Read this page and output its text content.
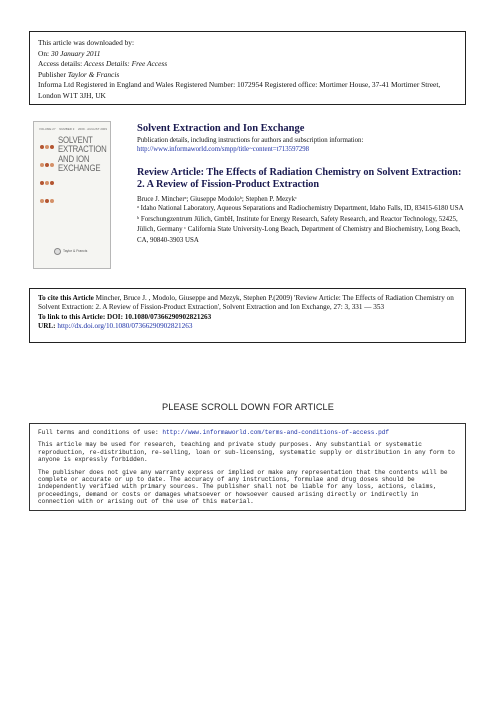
This article was downloaded by:
On: 30 January 2011
Access details: Access Details: Free Access
Publisher Taylor & Francis
Informa Ltd Registered in England and Wales Registered Number: 1072954 Registered office: Mortimer House, 37-41 Mortimer Street, London W1T 3JH, UK
VOLUME 27 NUMBER 3 2009 · AUGUST 2009

SOLVENT
EXTRACTION
AND ION
EXCHANGE
Taylor & Francis
Solvent Extraction and Ion Exchange
Publication details, including instructions for authors and subscription information:
http://www.informaworld.com/smpp/title~content=t713597298
Review Article: The Effects of Radiation Chemistry on Solvent Extraction: 2. A Review of Fission-Product Extraction
Bruce J. Mincherᵃ; Giuseppe Modoloᵇ; Stephen P. Mezykᶜ
ᵃ Idaho National Laboratory, Aqueous Separations and Radiochemistry Department, Idaho Falls, ID, 83415-6180 USA ᵇ Forschungzentrum Jülich, GmbH, Institute for Energy Research, Safety Research, and Reactor Technology, 52425, Jülich, Germany ᶜ California State University-Long Beach, Department of Chemistry and Biochemistry, Long Beach, CA, 90840-3903 USA
To cite this Article Mincher, Bruce J. , Modolo, Giuseppe and Mezyk, Stephen P.(2009) 'Review Article: The Effects of Radiation Chemistry on Solvent Extraction: 2. A Review of Fission-Product Extraction', Solvent Extraction and Ion Exchange, 27: 3, 331 — 353
To link to this Article: DOI: 10.1080/07366290902821263
URL: http://dx.doi.org/10.1080/07366290902821263
PLEASE SCROLL DOWN FOR ARTICLE

Full terms and conditions of use: http://www.informaworld.com/terms-and-conditions-of-access.pdf

This article may be used for research, teaching and private study purposes. Any substantial or systematic reproduction, re-distribution, re-selling, loan or sub-licensing, systematic supply or distribution in any form to anyone is expressly forbidden.

The publisher does not give any warranty express or implied or make any representation that the contents will be complete or accurate or up to date. The accuracy of any instructions, formulae and drug doses should be independently verified with primary sources. The publisher shall not be liable for any loss, actions, claims, proceedings, demand or costs or damages whatsoever or howsoever caused arising directly or indirectly in connection with or arising out of the use of this material.
